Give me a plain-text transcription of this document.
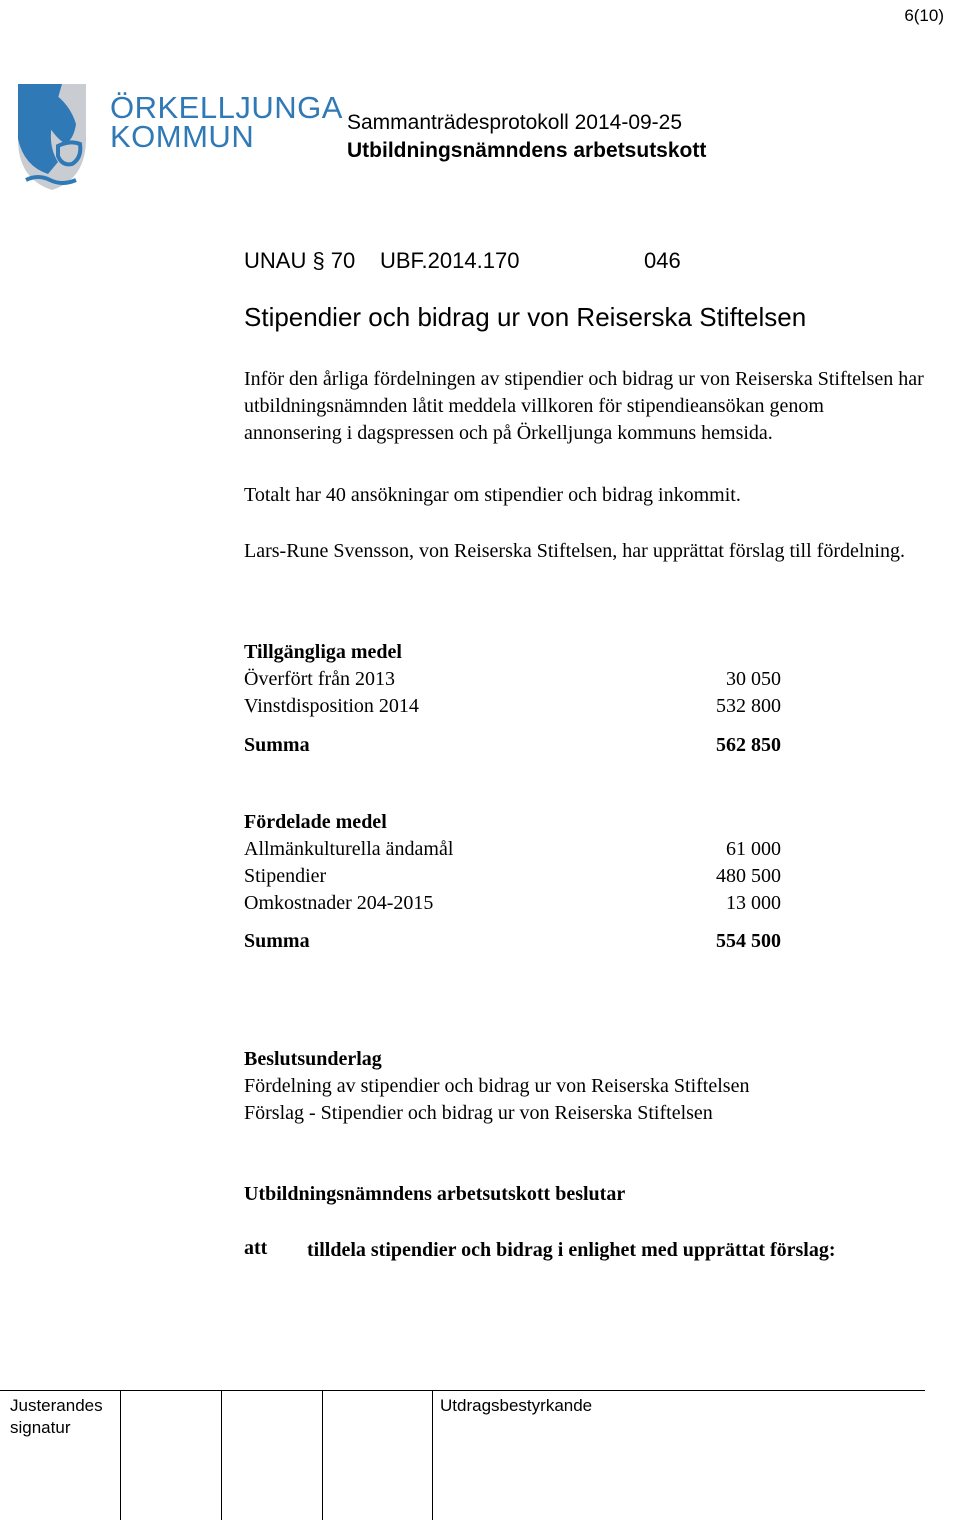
6(10)
ÖRKELLJUNGA
KOMMUN	Sammanträdesprotokoll 2014-09-25
Utbildningsnämndens arbetsutskott
UNAU § 70 UBF.2014.170	046
Stipendier och bidrag ur von Reiserska Stiftelsen

Inför den årliga fördelningen av stipendier och bidrag ur von Reiserska Stiftelsen har utbildningsnämnden låtit meddela villkoren för stipendieansökan genom annonsering i dagspressen och på Örkelljunga kommuns hemsida.

Totalt har 40 ansökningar om stipendier och bidrag inkommit.

Lars-Rune Svensson, von Reiserska Stiftelsen, har upprättat förslag till fördelning.

Tillgängliga medel
Överfört från 2013	30 050
Vinstdisposition 2014	532 800
Summa	562 850
Fördelade medel
Allmänkulturella ändamål	61 000
Stipendier	480 500
Omkostnader 204-2015	13 000
Summa	554 500
Beslutsunderlag
Fördelning av stipendier och bidrag ur von Reiserska Stiftelsen
Förslag - Stipendier och bidrag ur von Reiserska Stiftelsen
Utbildningsnämndens arbetsutskott beslutar
att tilldela stipendier och bidrag i enlighet med upprättat förslag:

Justerandes
signatur
Utdragsbestyrkande
